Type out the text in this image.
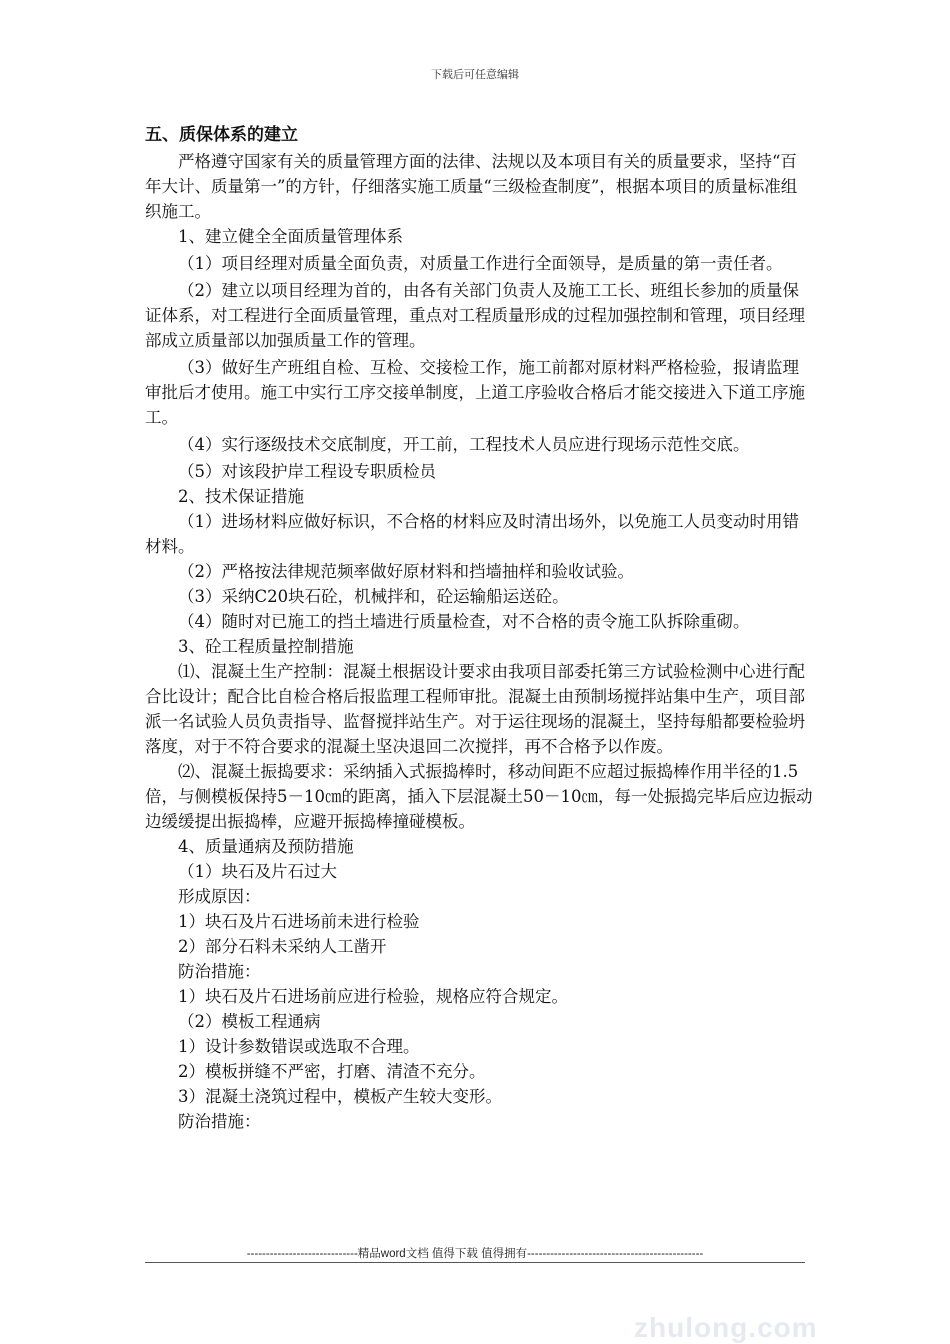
下载后可任意编辑

五、质保体系的建立

严格遵守国家有关的质量管理方面的法律、法规以及本项目有关的质量要求，坚持“百年大计、质量第一”的方针，仔细落实施工质量“三级检查制度”，根据本项目的质量标准组织施工。

1、建立健全全面质量管理体系

（1）项目经理对质量全面负责，对质量工作进行全面领导，是质量的第一责任者。

（2）建立以项目经理为首的，由各有关部门负责人及施工工长、班组长参加的质量保证体系，对工程进行全面质量管理，重点对工程质量形成的过程加强控制和管理，项目经理部成立质量部以加强质量工作的管理。

（3）做好生产班组自检、互检、交接检工作，施工前都对原材料严格检验，报请监理审批后才使用。施工中实行工序交接单制度，上道工序验收合格后才能交接进入下道工序施工。

（4）实行逐级技术交底制度，开工前，工程技术人员应进行现场示范性交底。

（5）对该段护岸工程设专职质检员

2、技术保证措施

（1）进场材料应做好标识，不合格的材料应及时清出场外，以免施工人员变动时用错材料。

（2）严格按法律规范频率做好原材料和挡墙抽样和验收试验。

（3）采纳C20块石砼，机械拌和，砼运输船运送砼。

（4）随时对已施工的挡土墙进行质量检查，对不合格的责令施工队拆除重砌。

3、砼工程质量控制措施

⑴、混凝土生产控制：混凝土根据设计要求由我项目部委托第三方试验检测中心进行配合比设计；配合比自检合格后报监理工程师审批。混凝土由预制场搅拌站集中生产，项目部派一名试验人员负责指导、监督搅拌站生产。对于运往现场的混凝土，坚持每船都要检验坍落度，对于不符合要求的混凝土坚决退回二次搅拌，再不合格予以作废。

⑵、混凝土振捣要求：采纳插入式振捣棒时，移动间距不应超过振捣棒作用半径的1.5倍，与侧模板保持5－10㎝的距离，插入下层混凝土50－10㎝，每一处振捣完毕后应边振动边缓缓提出振捣棒，应避开振捣棒撞碰模板。

4、质量通病及预防措施

（1）块石及片石过大

形成原因：

1）块石及片石进场前未进行检验

2）部分石料未采纳人工凿开

防治措施：

1）块石及片石进场前应进行检验，规格应符合规定。

（2）模板工程通病

1）设计参数错误或选取不合理。

2）模板拼缝不严密，打磨、清渣不充分。

3）混凝土浇筑过程中，模板产生较大变形。

防治措施：

-----------------------------精品word文档 值得下载 值得拥有----------------------------------------------
zhulong.com
